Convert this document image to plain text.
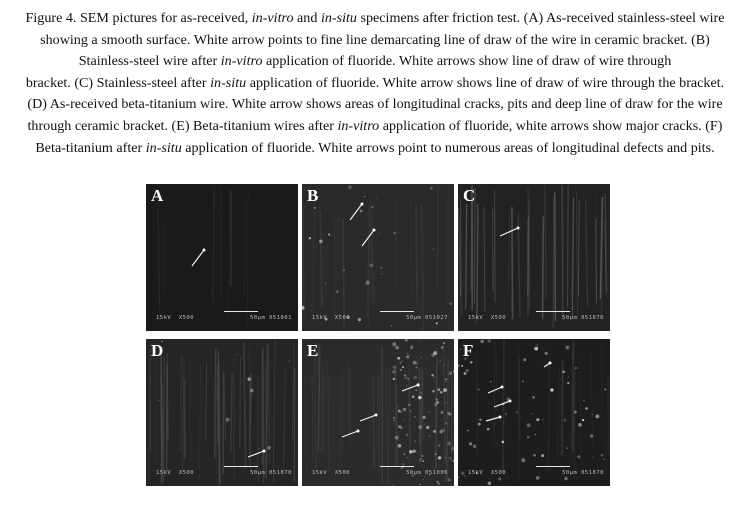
Figure 4. SEM pictures for as-received, in-vitro and in-situ specimens after friction test. (A) As-received stainless-steel wire

showing a smooth surface. White arrow points to fine line demarcating line of draw of the wire in ceramic bracket. (B)

Stainless-steel wire after in-vitro application of fluoride. White arrows show line of draw of wire through

bracket. (C) Stainless-steel after in-situ application of fluoride. White arrow shows line of draw of wire through the bracket.

(D) As-received beta-titanium wire. White arrow shows areas of longitudinal cracks, pits and deep line of draw for the wire

through ceramic bracket. (E) Beta-titanium wires after in-vitro application of fluoride, white arrows show major cracks. (F)

Beta-titanium after in-situ application of fluoride. White arrows point to numerous areas of longitudinal defects and pits.

A
15kV  X500	50µm 051861
B
15kV  X500	50µm 051027
C
15kV  X500	50µm 051870
D
15kV  X500	50µm 051870
E
15kV  X500	50µm 051006
F
15kV  X500	50µm 051870
